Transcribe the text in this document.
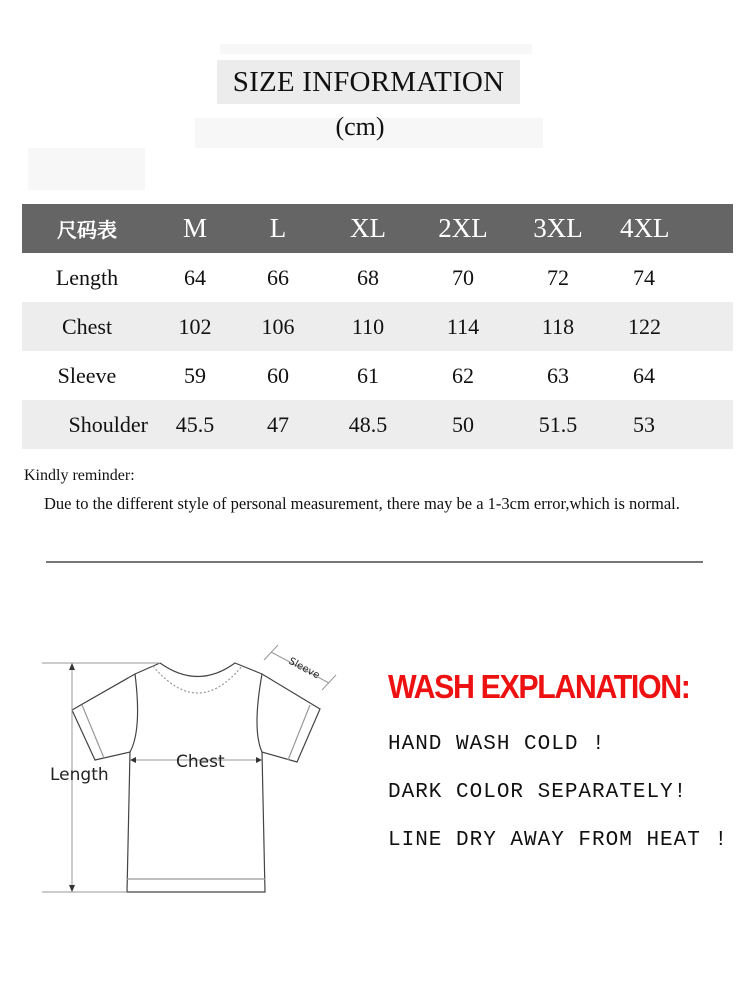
SIZE INFORMATION
(cm)
尺码表	M	L	XL	2XL	3XL	4XL
Length	64	66	68	70	72	74
Chest	102	106	110	114	118	122
Sleeve	59	60	61	62	63	64
Shoulder	45.5	47	48.5	50	51.5	53
Kindly reminder:
Due to the different style of personal measurement, there may be a 1-3cm error,which is normal.
Length
Chest
Sleeve WASH EXPLANATION:
HAND WASH COLD !
DARK COLOR SEPARATELY!
LINE DRY AWAY FROM HEAT !
